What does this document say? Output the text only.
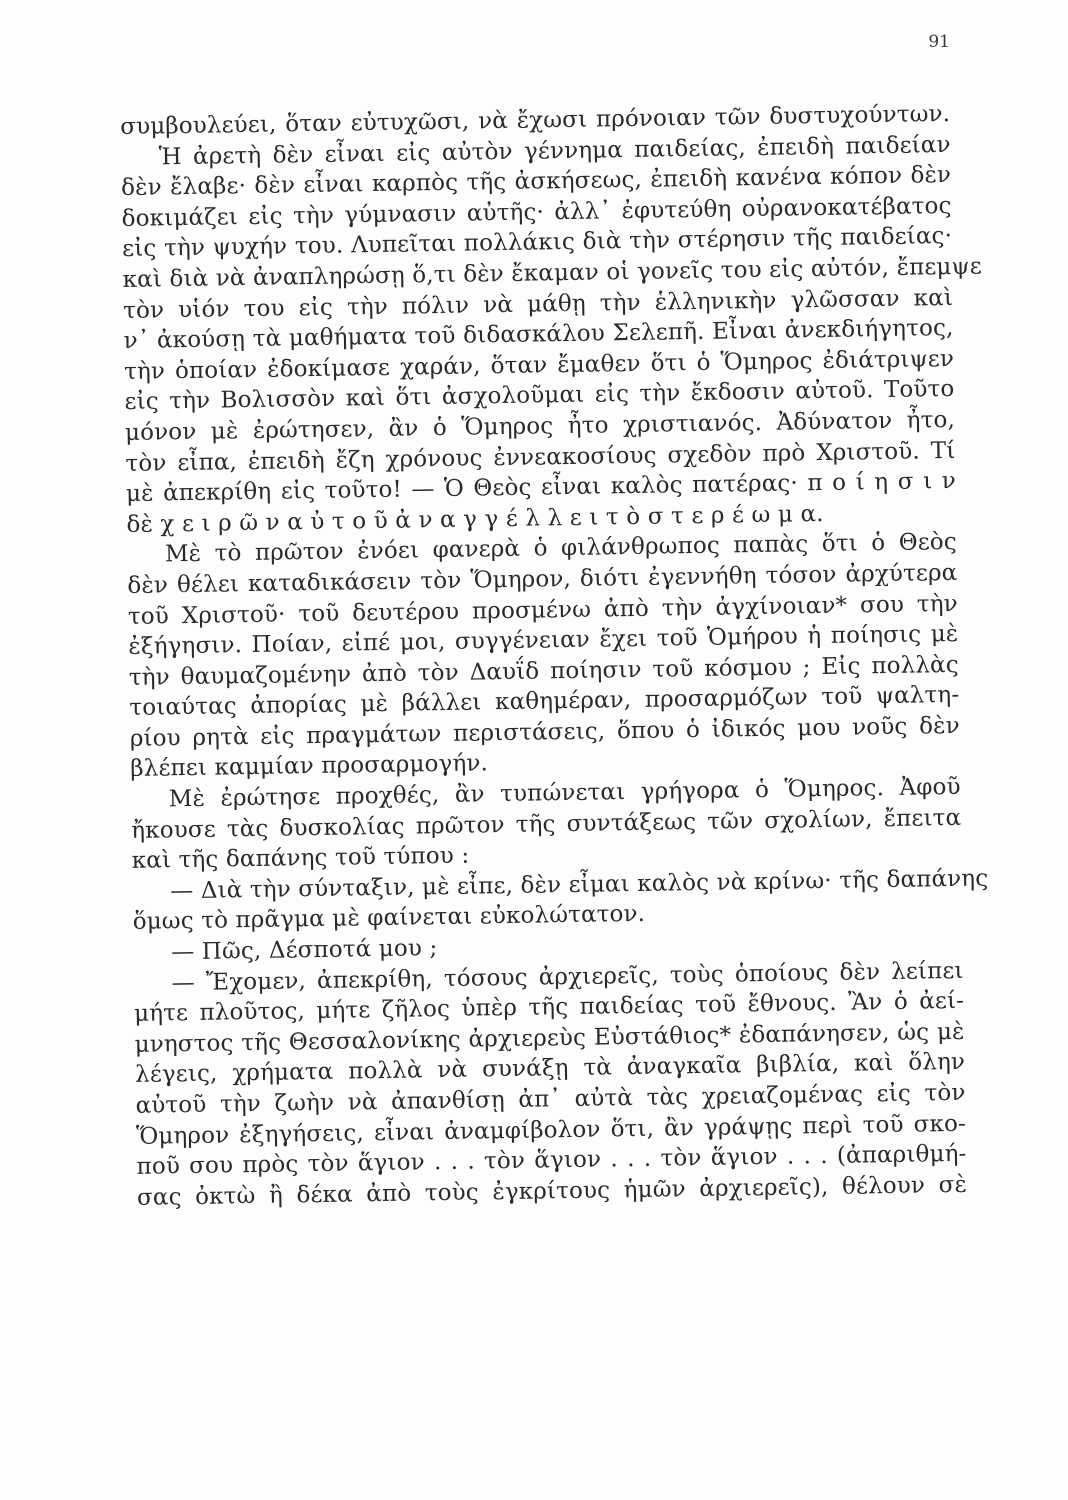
91
συμβουλεύει, ὅταν εὐτυχῶσι, νὰ ἔχωσι πρόνοιαν τῶν δυστυχούντων.
Ἡ ἀρετὴ δὲν εἶναι εἰς αὐτὸν γέννημα παιδείας, ἐπειδὴ παιδείαν
δὲν ἔλαβε· δὲν εἶναι καρπὸς τῆς ἀσκήσεως, ἐπειδὴ κανένα κόπον δὲν
δοκιμάζει εἰς τὴν γύμνασιν αὐτῆς· ἀλλ᾽ ἐφυτεύθη οὐρανοκατέβατος
εἰς τὴν ψυχήν του. Λυπεῖται πολλάκις διὰ τὴν στέρησιν τῆς παιδείας·
καὶ διὰ νὰ ἀναπληρώσῃ ὅ,τι δὲν ἔκαμαν οἱ γονεῖς του εἰς αὐτόν, ἔπεμψε
τὸν υἱόν του εἰς τὴν πόλιν νὰ μάθῃ τὴν ἑλληνικὴν γλῶσσαν καὶ
ν᾽ ἀκούσῃ τὰ μαθήματα τοῦ διδασκάλου Σελεπῆ. Εἶναι ἀνεκδιήγητος,
τὴν ὁποίαν ἐδοκίμασε χαράν, ὅταν ἔμαθεν ὅτι ὁ Ὅμηρος ἐδιάτριψεν
εἰς τὴν Βολισσὸν καὶ ὅτι ἀσχολοῦμαι εἰς τὴν ἔκδοσιν αὐτοῦ. Τοῦτο
μόνον μὲ ἐρώτησεν, ἂν ὁ Ὅμηρος ἦτο χριστιανός. Ἀδύνατον ἦτο,
τὸν εἶπα, ἐπειδὴ ἔζη χρόνους ἐννεακοσίους σχεδὸν πρὸ Χριστοῦ. Τί
μὲ ἀπεκρίθη εἰς τοῦτο! — Ὁ Θεὸς εἶναι καλὸς πατέρας· π ο ί η σ ι ν
δὲ χ ε ι ρ ῶ ν α ὐ τ ο ῦ ἀ ν α γ γ έ λ λ ε ι τ ὸ σ τ ε ρ έ ω μ α.
Μὲ τὸ πρῶτον ἐνόει φανερὰ ὁ φιλάνθρωπος παπὰς ὅτι ὁ Θεὸς
δὲν θέλει καταδικάσειν τὸν Ὅμηρον, διότι ἐγεννήθη τόσον ἀρχύτερα
τοῦ Χριστοῦ· τοῦ δευτέρου προσμένω ἀπὸ τὴν ἀγχίνοιαν* σου τὴν
ἐξήγησιν. Ποίαν, εἰπέ μοι, συγγένειαν ἔχει τοῦ Ὁμήρου ἡ ποίησις μὲ
τὴν θαυμαζομένην ἀπὸ τὸν Δαυΐδ ποίησιν τοῦ κόσμου ; Εἰς πολλὰς
τοιαύτας ἀπορίας μὲ βάλλει καθημέραν, προσαρμόζων τοῦ ψαλτη-
ρίου ρητὰ εἰς πραγμάτων περιστάσεις, ὅπου ὁ ἰδικός μου νοῦς δὲν
βλέπει καμμίαν προσαρμογήν.
Μὲ ἐρώτησε προχθές, ἂν τυπώνεται γρήγορα ὁ Ὅμηρος. Ἀφοῦ
ἤκουσε τὰς δυσκολίας πρῶτον τῆς συντάξεως τῶν σχολίων, ἔπειτα
καὶ τῆς δαπάνης τοῦ τύπου :
— Διὰ τὴν σύνταξιν, μὲ εἶπε, δὲν εἶμαι καλὸς νὰ κρίνω· τῆς δαπάνης
ὅμως τὸ πρᾶγμα μὲ φαίνεται εὐκολώτατον.
— Πῶς, Δέσποτά μου ;
— Ἔχομεν, ἀπεκρίθη, τόσους ἀρχιερεῖς, τοὺς ὁποίους δὲν λείπει
μήτε πλοῦτος, μήτε ζῆλος ὑπὲρ τῆς παιδείας τοῦ ἔθνους. Ἂν ὁ ἀεί-
μνηστος τῆς Θεσσαλονίκης ἀρχιερεὺς Εὐστάθιος* ἐδαπάνησεν, ὡς μὲ
λέγεις, χρήματα πολλὰ νὰ συνάξῃ τὰ ἀναγκαῖα βιβλία, καὶ ὅλην
αὐτοῦ τὴν ζωὴν νὰ ἀπανθίσῃ ἀπ᾽ αὐτὰ τὰς χρειαζομένας εἰς τὸν
Ὅμηρον ἐξηγήσεις, εἶναι ἀναμφίβολον ὅτι, ἂν γράψῃς περὶ τοῦ σκο-
ποῦ σου πρὸς τὸν ἅγιον . . . τὸν ἅγιον . . . τὸν ἅγιον . . . (ἀπαριθμή-
σας ὀκτὼ ἢ δέκα ἀπὸ τοὺς ἐγκρίτους ἡμῶν ἀρχιερεῖς), θέλουν σὲ
